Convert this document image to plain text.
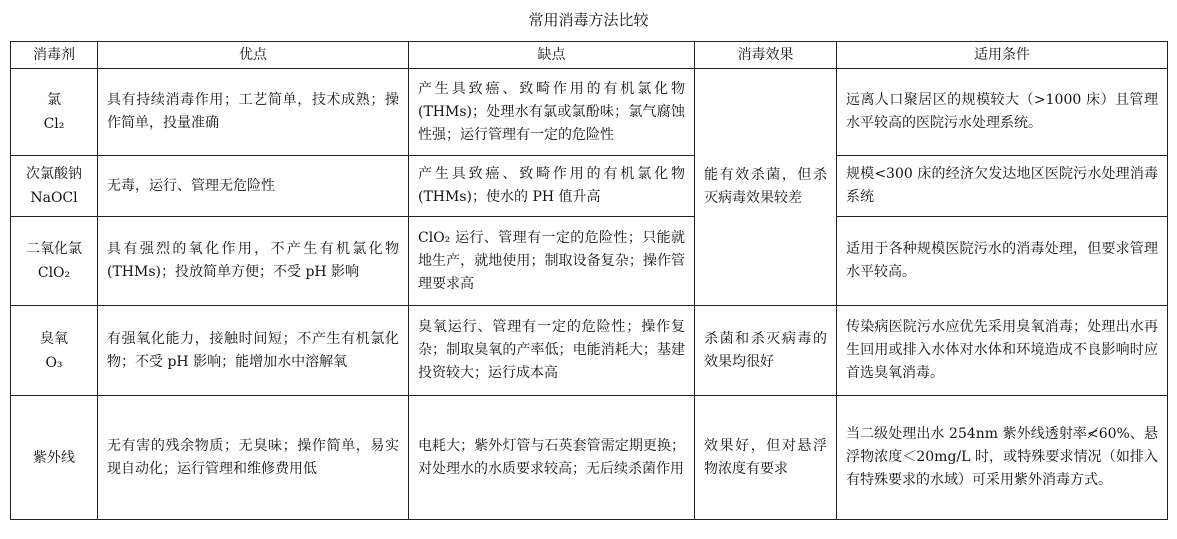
常用消毒方法比较
消毒剂	优点	缺点	消毒效果	适用条件

氯
Cl₂	具有持续消毒作用；工艺简单，技术成熟；操作简单，投量准确	产生具致癌、致畸作用的有机氯化物(THMs)；处理水有氯或氯酚味；氯气腐蚀性强；运行管理有一定的危险性	能有效杀菌，但杀灭病毒效果较差	远离人口聚居区的规模较大（>1000 床）且管理水平较高的医院污水处理系统。

次氯酸钠
NaOCl	无毒，运行、管理无危险性	产生具致癌、致畸作用的有机氯化物(THMs)；使水的 PH 值升高		规模<300 床的经济欠发达地区医院污水处理消毒系统

二氧化氯
ClO₂	具有强烈的氧化作用，不产生有机氯化物(THMs)；投放简单方便；不受 pH 影响	ClO₂ 运行、管理有一定的危险性；只能就地生产，就地使用；制取设备复杂；操作管理要求高		适用于各种规模医院污水的消毒处理，但要求管理水平较高。

臭氧
O₃	有强氧化能力，接触时间短；不产生有机氯化物；不受 pH 影响；能增加水中溶解氧	臭氧运行、管理有一定的危险性；操作复杂；制取臭氧的产率低；电能消耗大；基建投资较大；运行成本高	杀菌和杀灭病毒的效果均很好	传染病医院污水应优先采用臭氧消毒；处理出水再生回用或排入水体对水体和环境造成不良影响时应首选臭氧消毒。

紫外线	无有害的残余物质；无臭味；操作简单，易实现自动化；运行管理和维修费用低	电耗大；紫外灯管与石英套管需定期更换；对处理水的水质要求较高；无后续杀菌作用	效果好，但对悬浮物浓度有要求	当二级处理出水 254nm 紫外线透射率≮60%、悬浮物浓度＜20mg/L 时，或特殊要求情况（如排入有特殊要求的水域）可采用紫外消毒方式。
